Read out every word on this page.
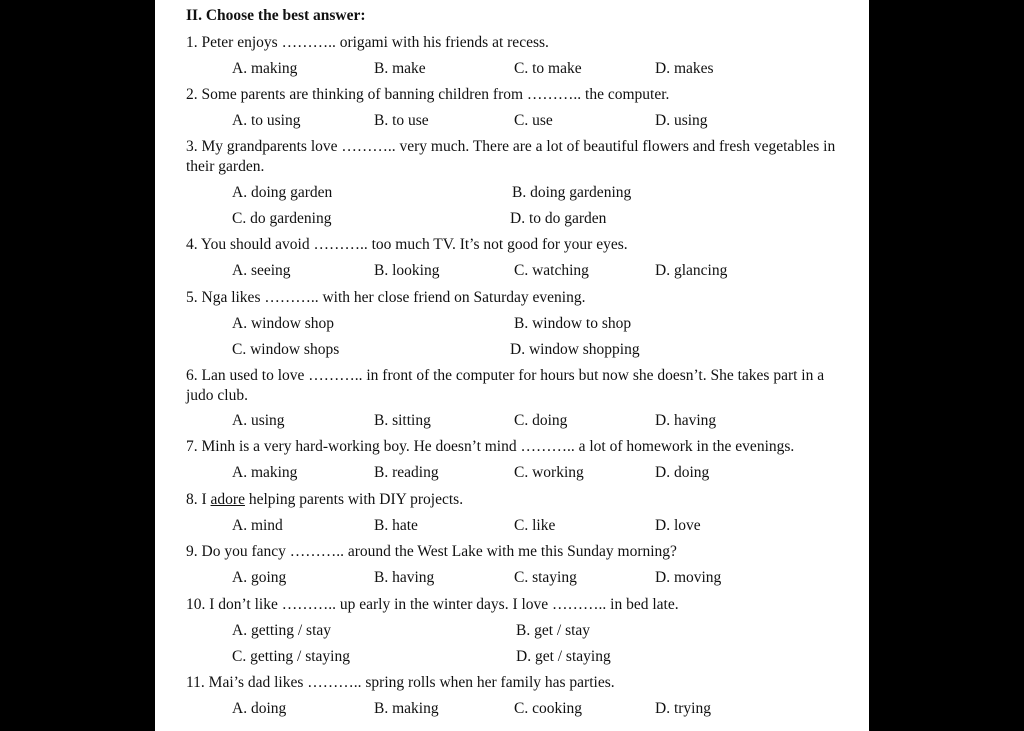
II. Choose the best answer:
1. Peter enjoys ……….. origami with his friends at recess.
A. making	B. make	C. to make	D. makes
2. Some parents are thinking of banning children from ……….. the computer.
A. to using	B. to use	C. use	D. using
3. My grandparents love ……….. very much. There are a lot of beautiful flowers and fresh vegetables in their garden.
A. doing garden	B. doing gardening
C. do gardening	D. to do garden
4. You should avoid ……….. too much TV. It’s not good for your eyes.
A. seeing	B. looking	C. watching	D. glancing
5. Nga likes ……….. with her close friend on Saturday evening.
A. window shop	B. window to shop
C. window shops	D. window shopping
6. Lan used to love ……….. in front of the computer for hours but now she doesn’t. She takes part in a judo club.
A. using	B. sitting	C. doing	D. having
7. Minh is a very hard-working boy. He doesn’t mind ……….. a lot of homework in the evenings.
A. making	B. reading	C. working	D. doing
8. I adore helping parents with DIY projects.
A. mind	B. hate	C. like	D. love
9. Do you fancy ……….. around the West Lake with me this Sunday morning?
A. going	B. having	C. staying	D. moving
10. I don’t like ……….. up early in the winter days. I love ……….. in bed late.
A. getting / stay	B. get / stay
C. getting / staying	D. get / staying
11. Mai’s dad likes ……….. spring rolls when her family has parties.
A. doing	B. making	C. cooking	D. trying
